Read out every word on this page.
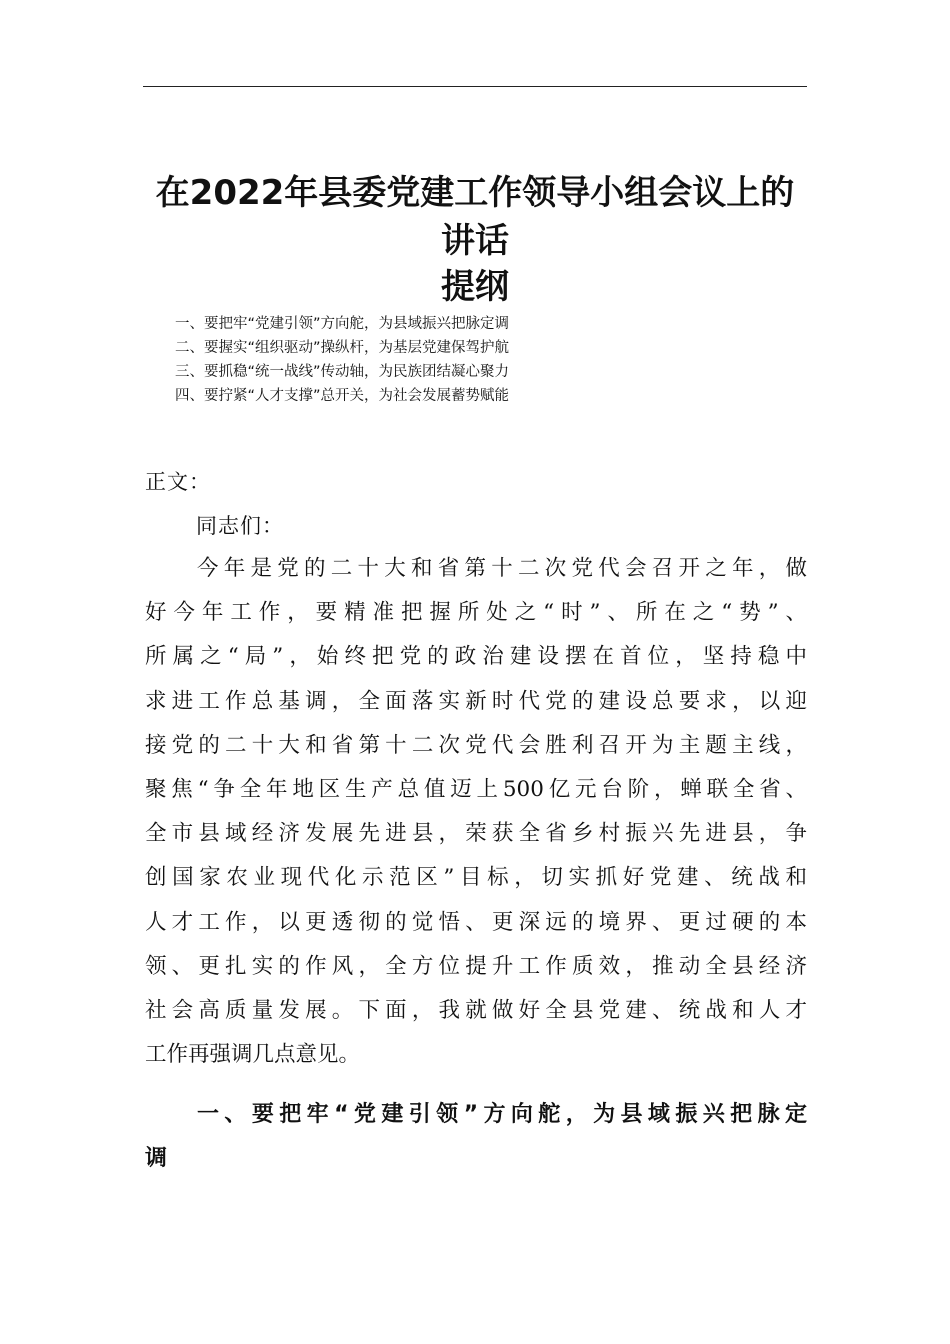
在2022年县委党建工作领导小组会议上的
讲话
提纲
一、要把牢“党建引领”方向舵，为县域振兴把脉定调
二、要握实“组织驱动”操纵杆，为基层党建保驾护航
三、要抓稳“统一战线”传动轴，为民族团结凝心聚力
四、要拧紧“人才支撑”总开关，为社会发展蓄势赋能
正文：
同志们：
今年是党的二十大和省第十二次党代会召开之年，做
好今年工作，要精准把握所处之“时”、所在之“势”、
所属之“局”，始终把党的政治建设摆在首位，坚持稳中
求进工作总基调，全面落实新时代党的建设总要求，以迎
接党的二十大和省第十二次党代会胜利召开为主题主线，
聚焦“争全年地区生产总值迈上500亿元台阶，蝉联全省、
全市县域经济发展先进县，荣获全省乡村振兴先进县，争
创国家农业现代化示范区”目标，切实抓好党建、统战和
人才工作，以更透彻的觉悟、更深远的境界、更过硬的本
领、更扎实的作风，全方位提升工作质效，推动全县经济
社会高质量发展。下面，我就做好全县党建、统战和人才
工作再强调几点意见。
一、要把牢“党建引领”方向舵，为县域振兴把脉定
调
